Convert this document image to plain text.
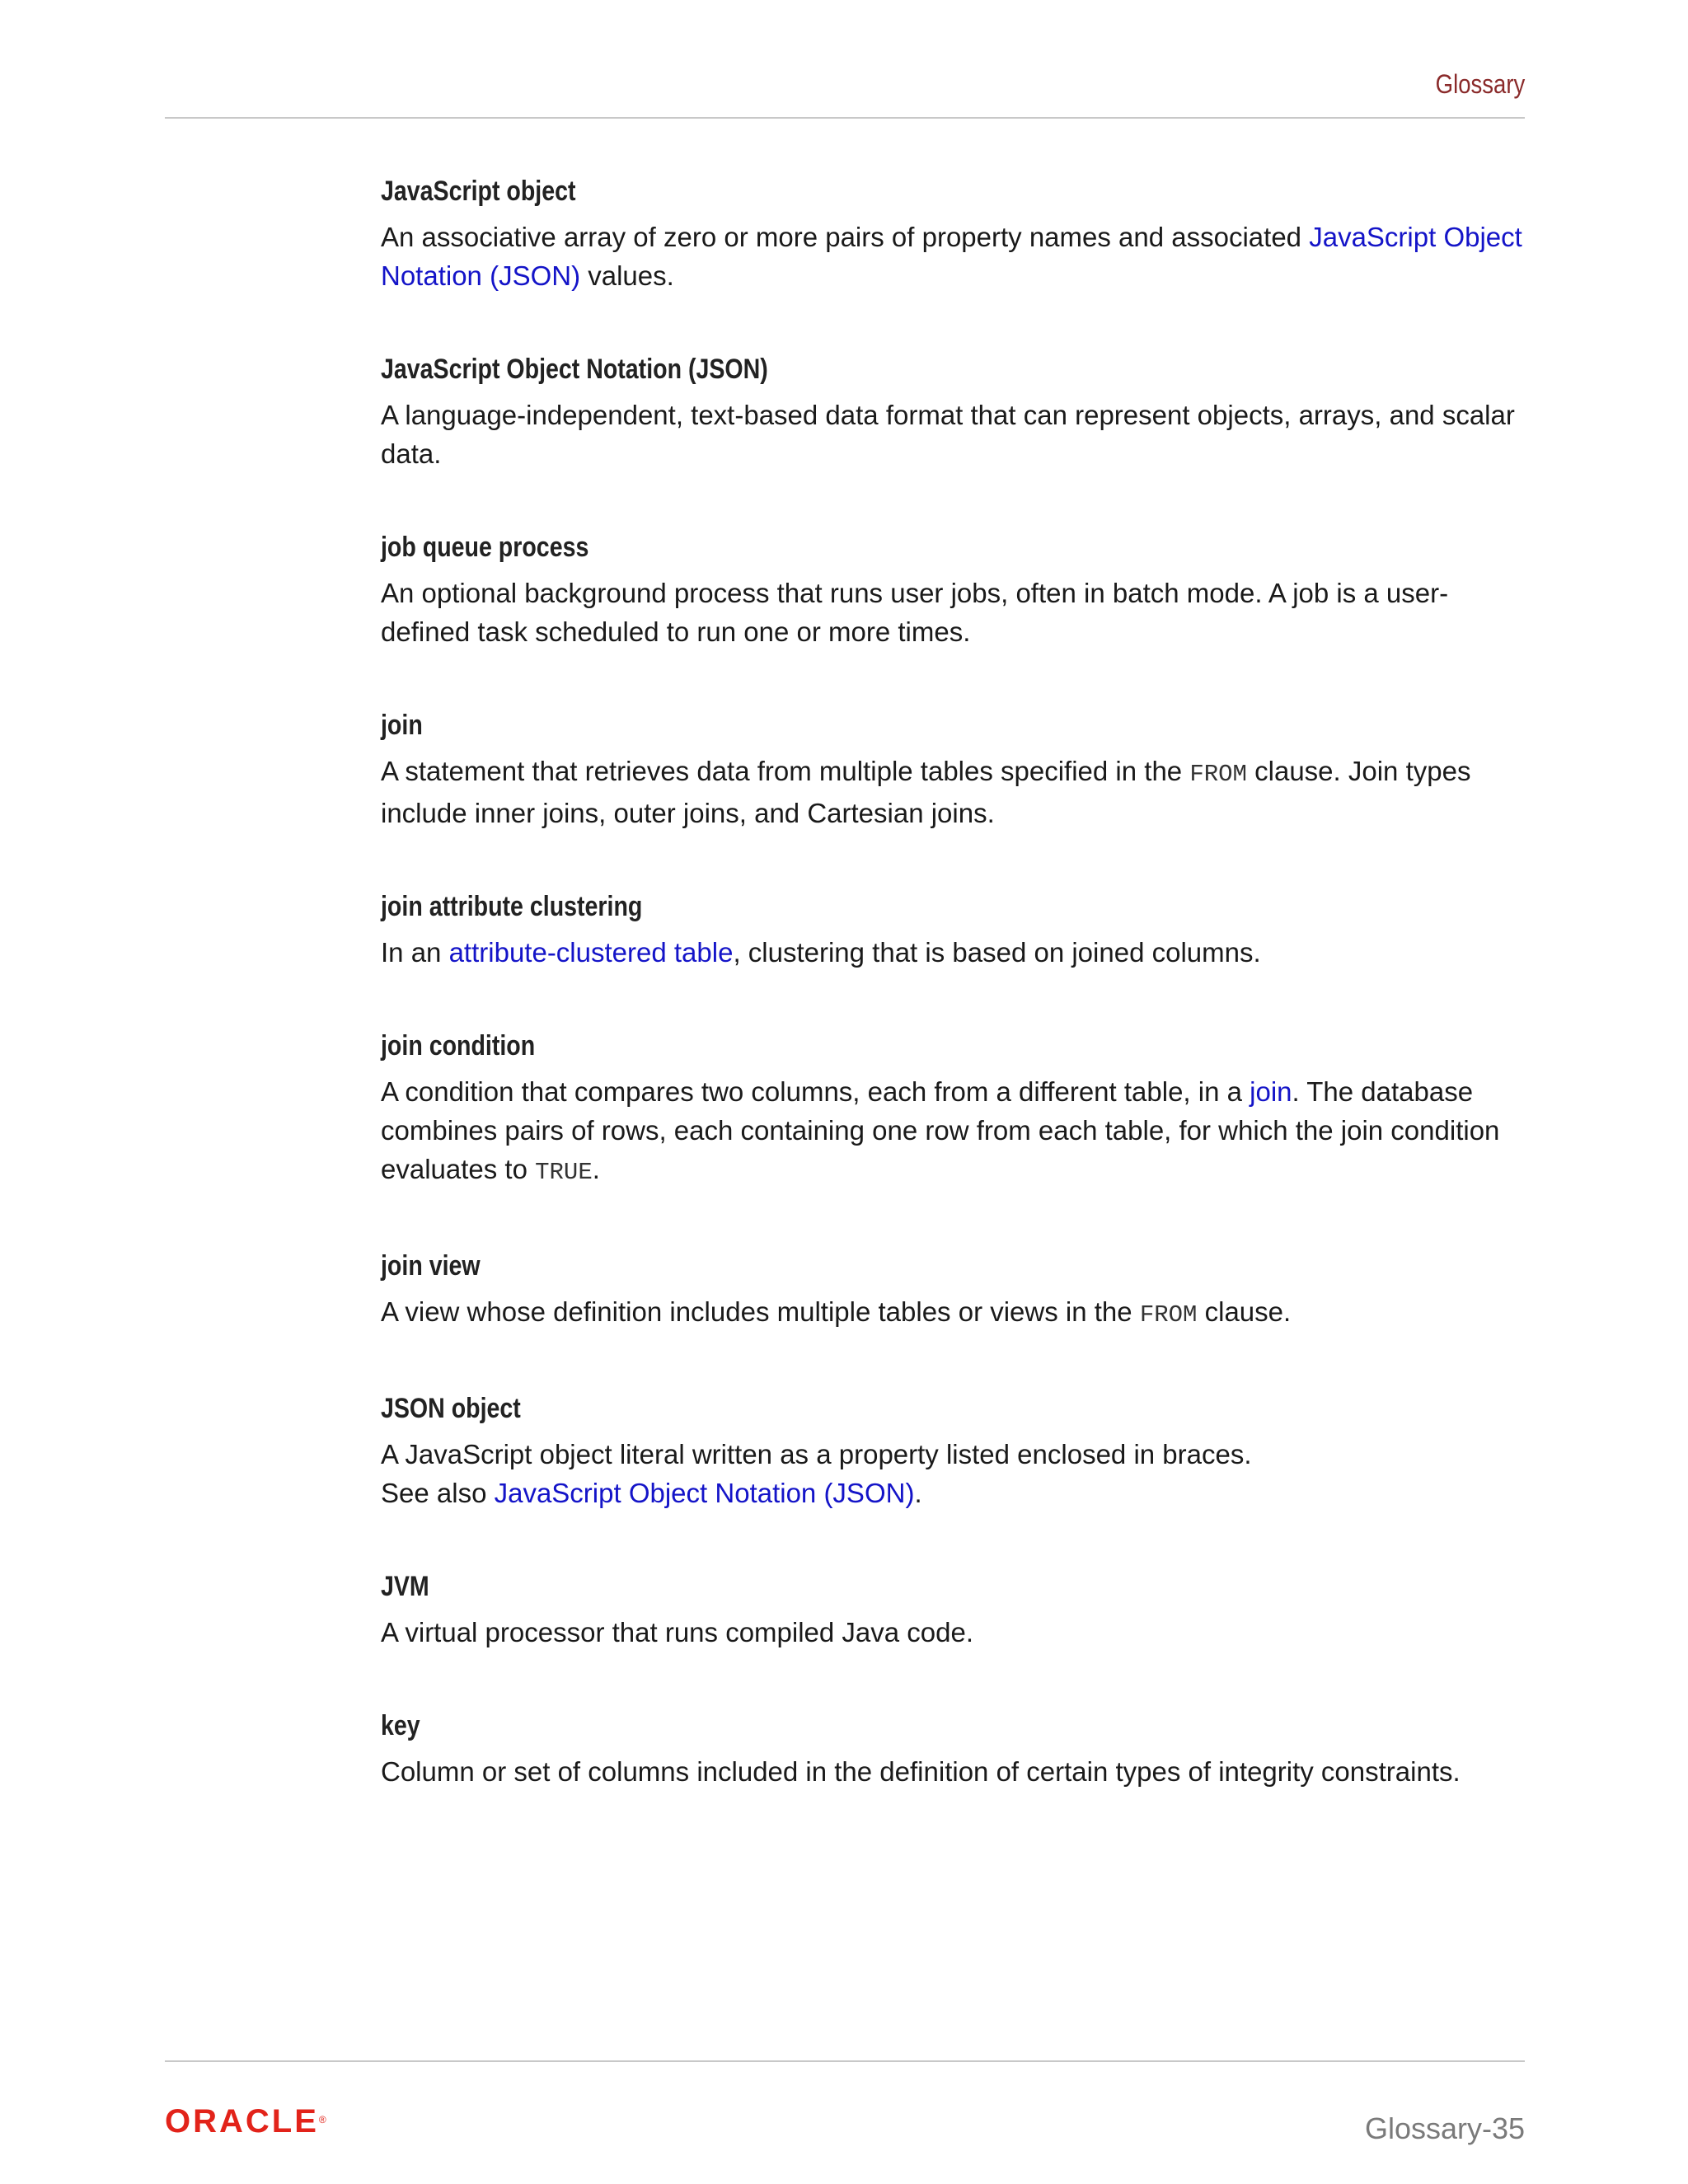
Glossary
JavaScript object

An associative array of zero or more pairs of property names and associated JavaScript Object Notation (JSON) values.

JavaScript Object Notation (JSON)

A language-independent, text-based data format that can represent objects, arrays, and scalar data.

job queue process

An optional background process that runs user jobs, often in batch mode. A job is a user-defined task scheduled to run one or more times.

join

A statement that retrieves data from multiple tables specified in the FROM clause. Join types include inner joins, outer joins, and Cartesian joins.

join attribute clustering

In an attribute-clustered table, clustering that is based on joined columns.

join condition

A condition that compares two columns, each from a different table, in a join. The database combines pairs of rows, each containing one row from each table, for which the join condition evaluates to TRUE.

join view

A view whose definition includes multiple tables or views in the FROM clause.

JSON object

A JavaScript object literal written as a property listed enclosed in braces.
See also JavaScript Object Notation (JSON).

JVM

A virtual processor that runs compiled Java code.

key

Column or set of columns included in the definition of certain types of integrity constraints.

ORACLE®	Glossary-35
